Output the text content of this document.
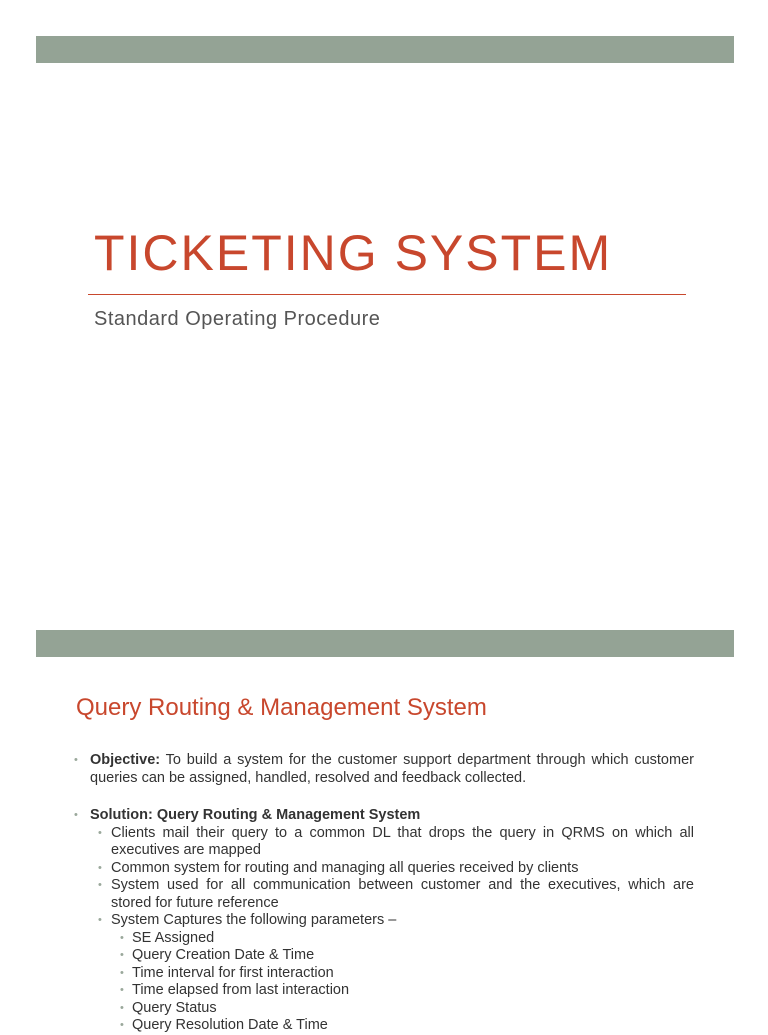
TICKETING SYSTEM
Standard Operating Procedure
Query Routing & Management System
• Objective: To build a system for the customer support department through which customer queries can be assigned, handled, resolved and feedback collected.
• Solution: Query Routing & Management System
• Clients mail their query to a common DL that drops the query in QRMS on which all executives are mapped
• Common system for routing and managing all queries received by clients
• System used for all communication between customer and the executives, which are stored for future reference
• System Captures the following parameters –
• SE Assigned
• Query Creation Date & Time
• Time interval for first interaction
• Time elapsed from last interaction
• Query Status
• Query Resolution Date & Time
